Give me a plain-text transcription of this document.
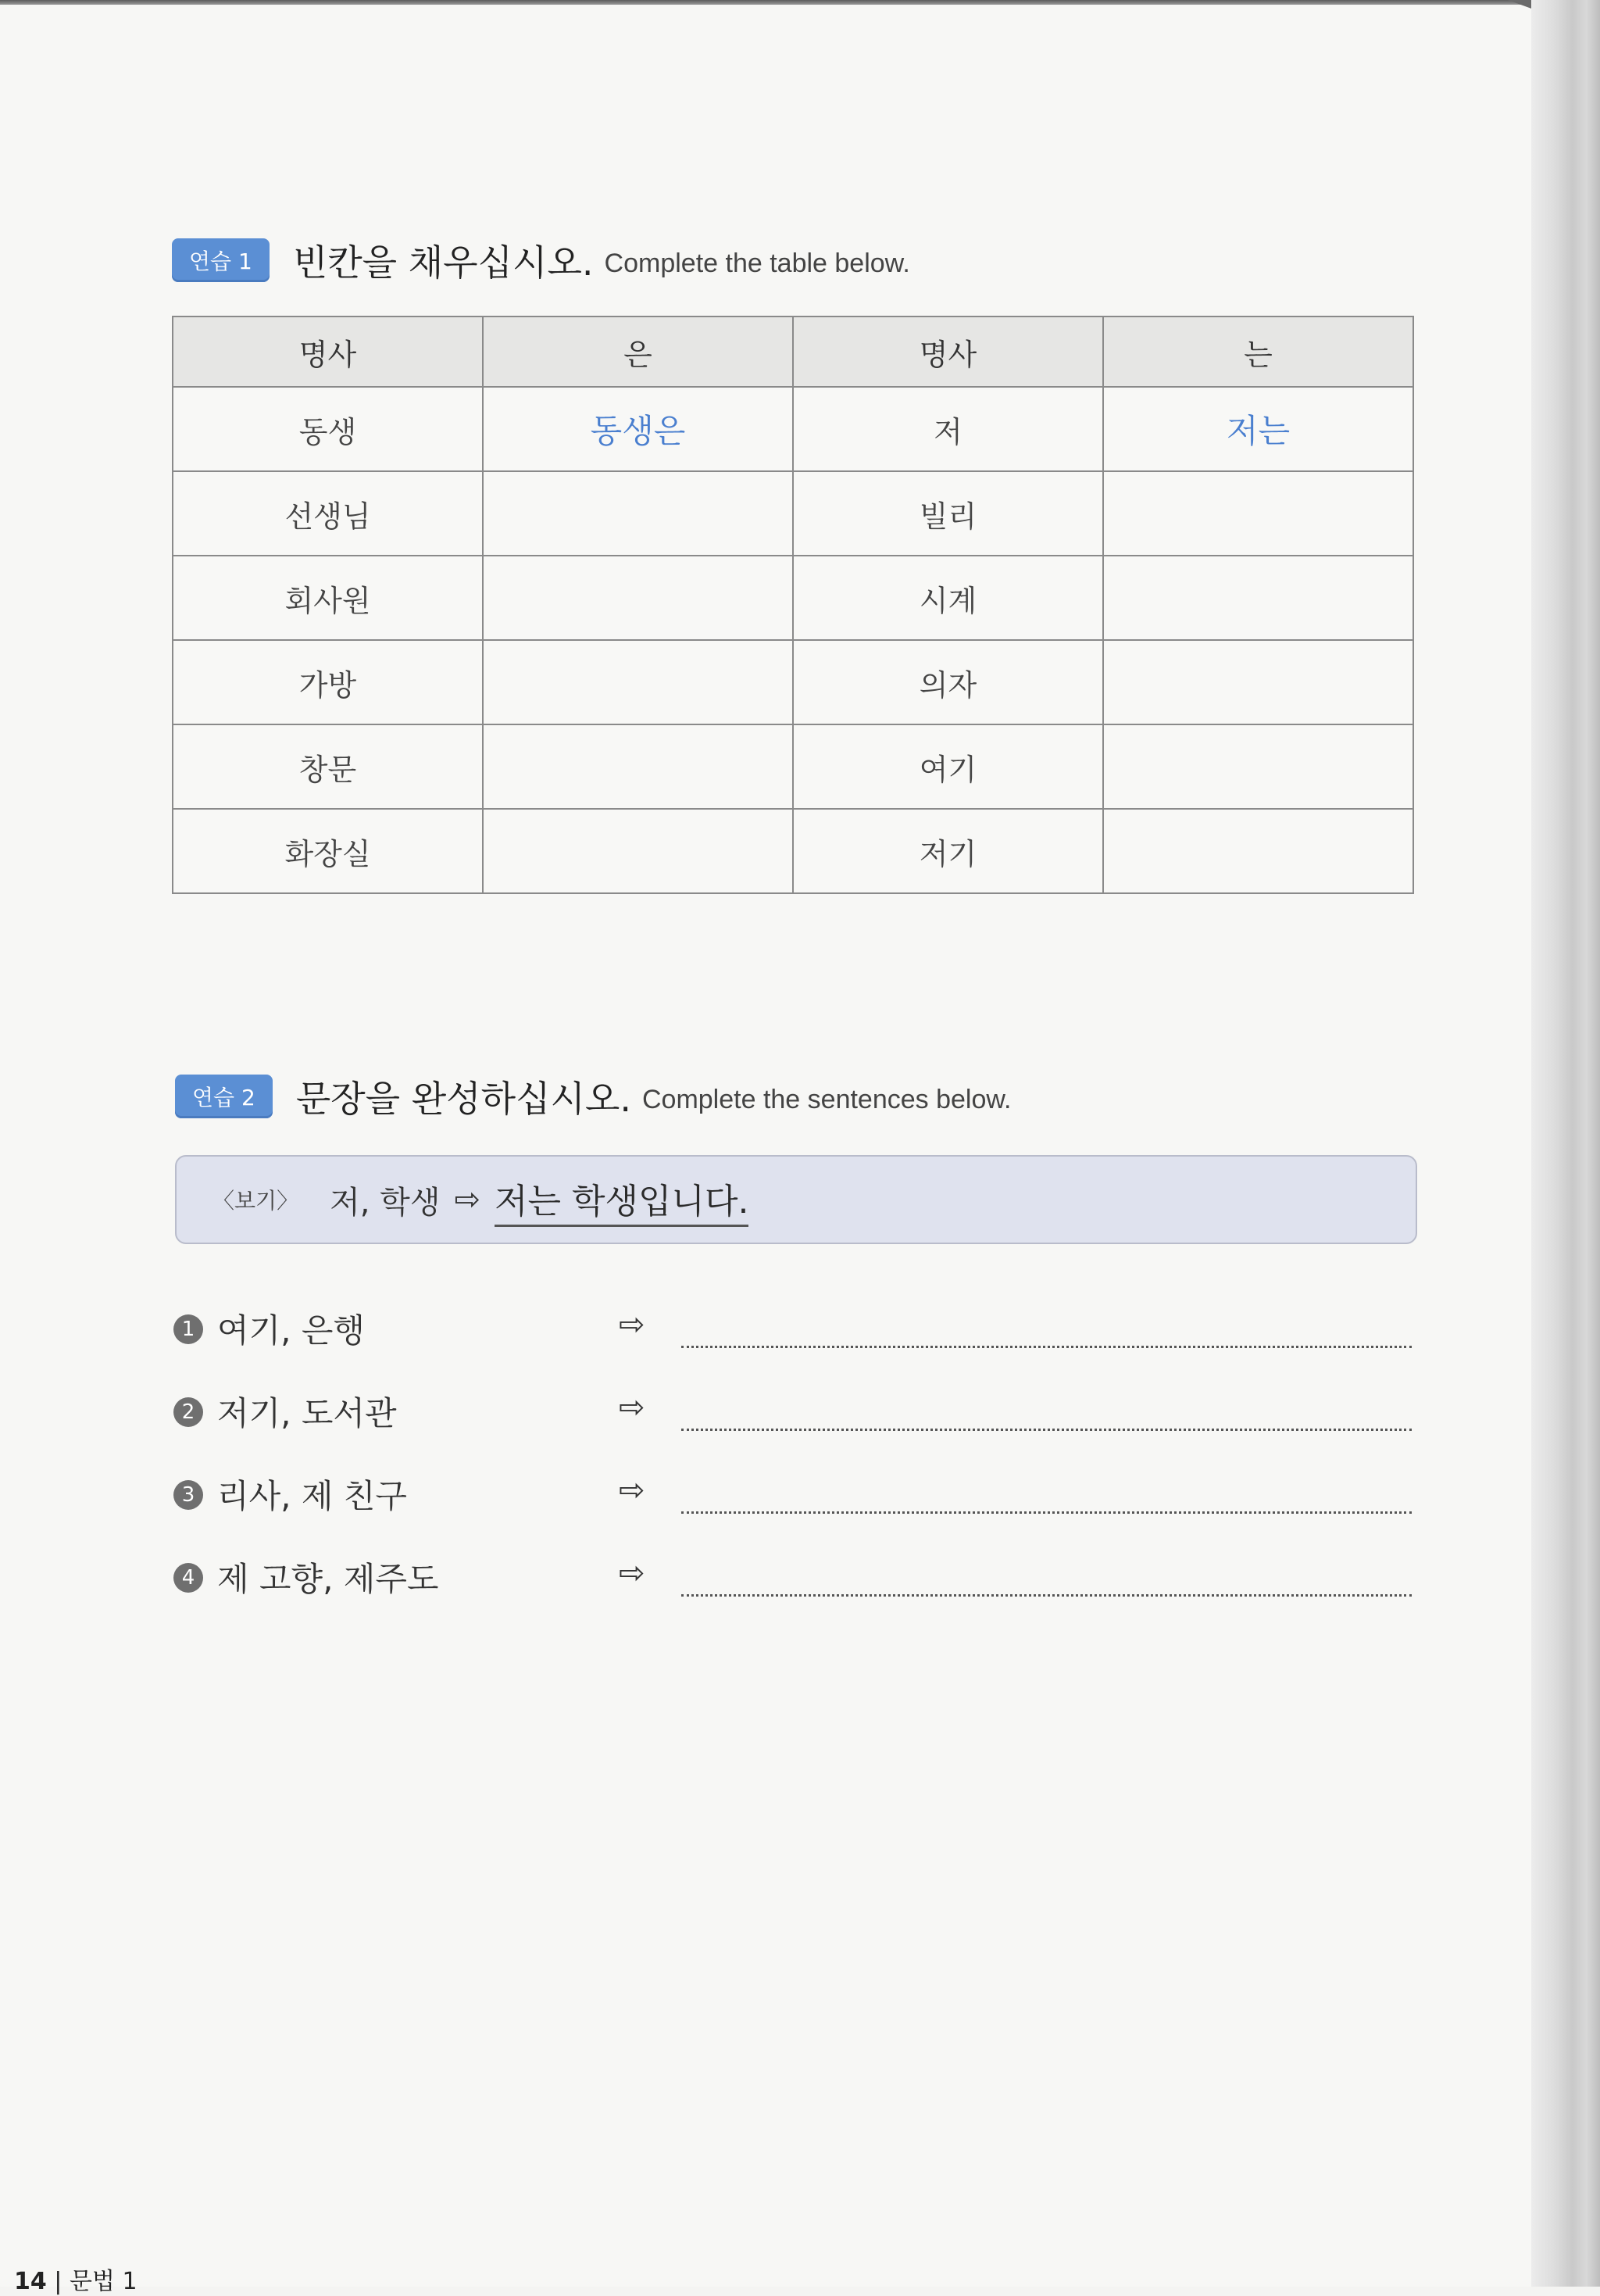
연습 1	빈칸을 채우십시오. Complete the table below.
명사	은	명사	는
동생	동생은	저	저는
선생님		빌리	
회사원		시계	
가방		의자	
창문		여기	
화장실		저기	
연습 2	문장을 완성하십시오. Complete the sentences below.
〈보기〉 저, 학생 ⇨ 저는 학생입니다.
1 여기, 은행	⇨
2 저기, 도서관	⇨
3 리사, 제 친구	⇨
4 제 고향, 제주도	⇨
14 | 문법 1
